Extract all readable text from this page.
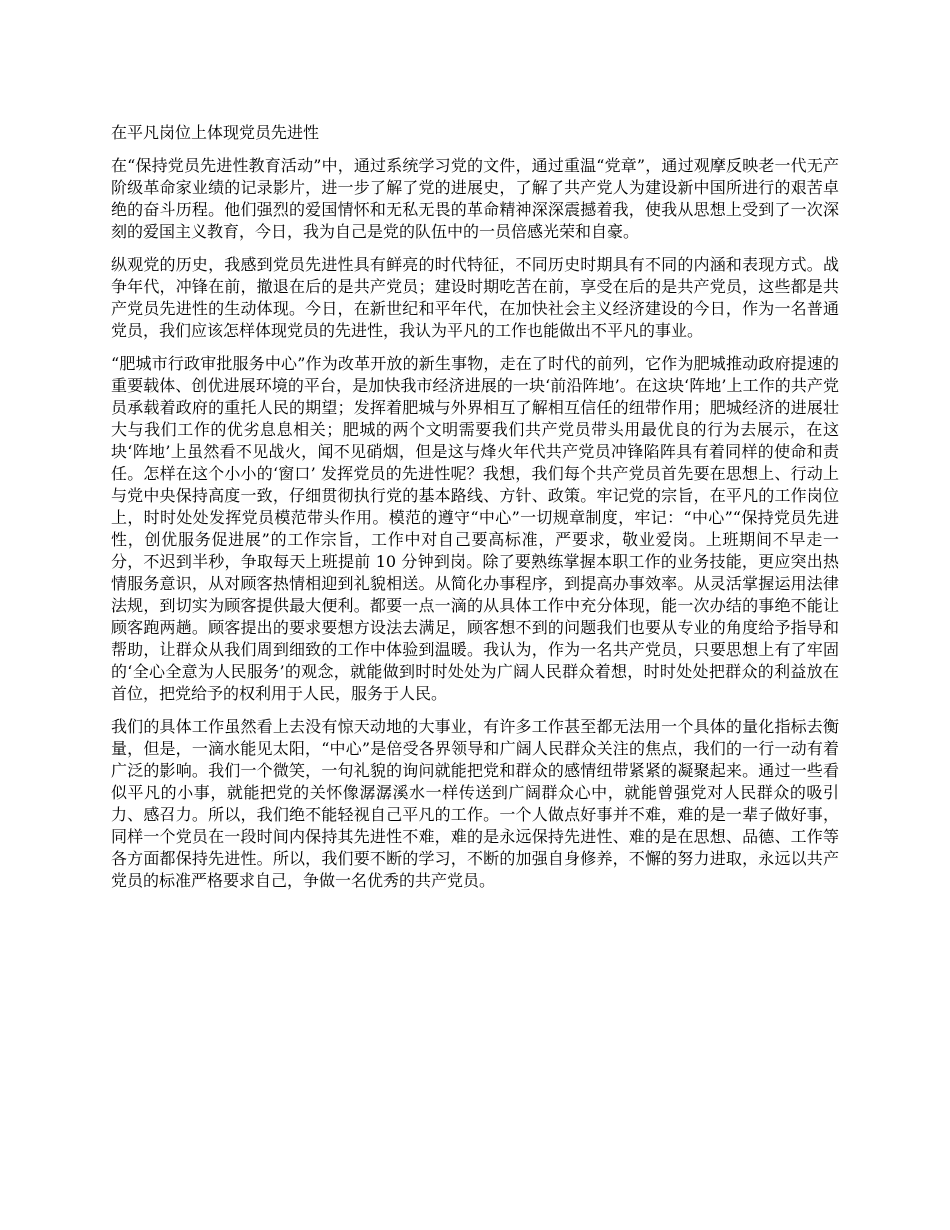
在平凡岗位上体现党员先进性

在“保持党员先进性教育活动”中，通过系统学习党的文件，通过重温“党章”，通过观摩反映老一代无产阶级革命家业绩的记录影片，进一步了解了党的进展史，了解了共产党人为建设新中国所进行的艰苦卓绝的奋斗历程。他们强烈的爱国情怀和无私无畏的革命精神深深震撼着我，使我从思想上受到了一次深刻的爱国主义教育，今日，我为自己是党的队伍中的一员倍感光荣和自豪。

纵观党的历史，我感到党员先进性具有鲜亮的时代特征，不同历史时期具有不同的内涵和表现方式。战争年代，冲锋在前，撤退在后的是共产党员；建设时期吃苦在前，享受在后的是共产党员，这些都是共产党员先进性的生动体现。今日，在新世纪和平年代，在加快社会主义经济建设的今日，作为一名普通党员，我们应该怎样体现党员的先进性，我认为平凡的工作也能做出不平凡的事业。

“肥城市行政审批服务中心”作为改革开放的新生事物，走在了时代的前列，它作为肥城推动政府提速的重要载体、创优进展环境的平台，是加快我市经济进展的一块‘前沿阵地’。在这块‘阵地’上工作的共产党员承载着政府的重托人民的期望；发挥着肥城与外界相互了解相互信任的纽带作用；肥城经济的进展壮大与我们工作的优劣息息相关；肥城的两个文明需要我们共产党员带头用最优良的行为去展示，在这块‘阵地’上虽然看不见战火，闻不见硝烟，但是这与烽火年代共产党员冲锋陷阵具有着同样的使命和责任。怎样在这个小小的‘窗口’ 发挥党员的先进性呢？我想，我们每个共产党员首先要在思想上、行动上与党中央保持高度一致，仔细贯彻执行党的基本路线、方针、政策。牢记党的宗旨，在平凡的工作岗位上，时时处处发挥党员模范带头作用。模范的遵守“中心”一切规章制度，牢记：“中心”“保持党员先进性，创优服务促进展”的工作宗旨，工作中对自己要高标准，严要求，敬业爱岗。上班期间不早走一分，不迟到半秒，争取每天上班提前 10 分钟到岗。除了要熟练掌握本职工作的业务技能，更应突出热情服务意识，从对顾客热情相迎到礼貌相送。从简化办事程序，到提高办事效率。从灵活掌握运用法律法规，到切实为顾客提供最大便利。都要一点一滴的从具体工作中充分体现，能一次办结的事绝不能让顾客跑两趟。顾客提出的要求要想方设法去满足，顾客想不到的问题我们也要从专业的角度给予指导和帮助，让群众从我们周到细致的工作中体验到温暖。我认为，作为一名共产党员，只要思想上有了牢固的‘全心全意为人民服务’的观念，就能做到时时处处为广阔人民群众着想，时时处处把群众的利益放在首位，把党给予的权利用于人民，服务于人民。

我们的具体工作虽然看上去没有惊天动地的大事业，有许多工作甚至都无法用一个具体的量化指标去衡量，但是，一滴水能见太阳，“中心”是倍受各界领导和广阔人民群众关注的焦点，我们的一行一动有着广泛的影响。我们一个微笑，一句礼貌的询问就能把党和群众的感情纽带紧紧的凝聚起来。通过一些看似平凡的小事，就能把党的关怀像潺潺溪水一样传送到广阔群众心中，就能曾强党对人民群众的吸引力、感召力。所以，我们绝不能轻视自己平凡的工作。一个人做点好事并不难，难的是一辈子做好事，同样一个党员在一段时间内保持其先进性不难，难的是永远保持先进性、难的是在思想、品德、工作等各方面都保持先进性。所以，我们要不断的学习，不断的加强自身修养，不懈的努力进取，永远以共产党员的标准严格要求自己，争做一名优秀的共产党员。
